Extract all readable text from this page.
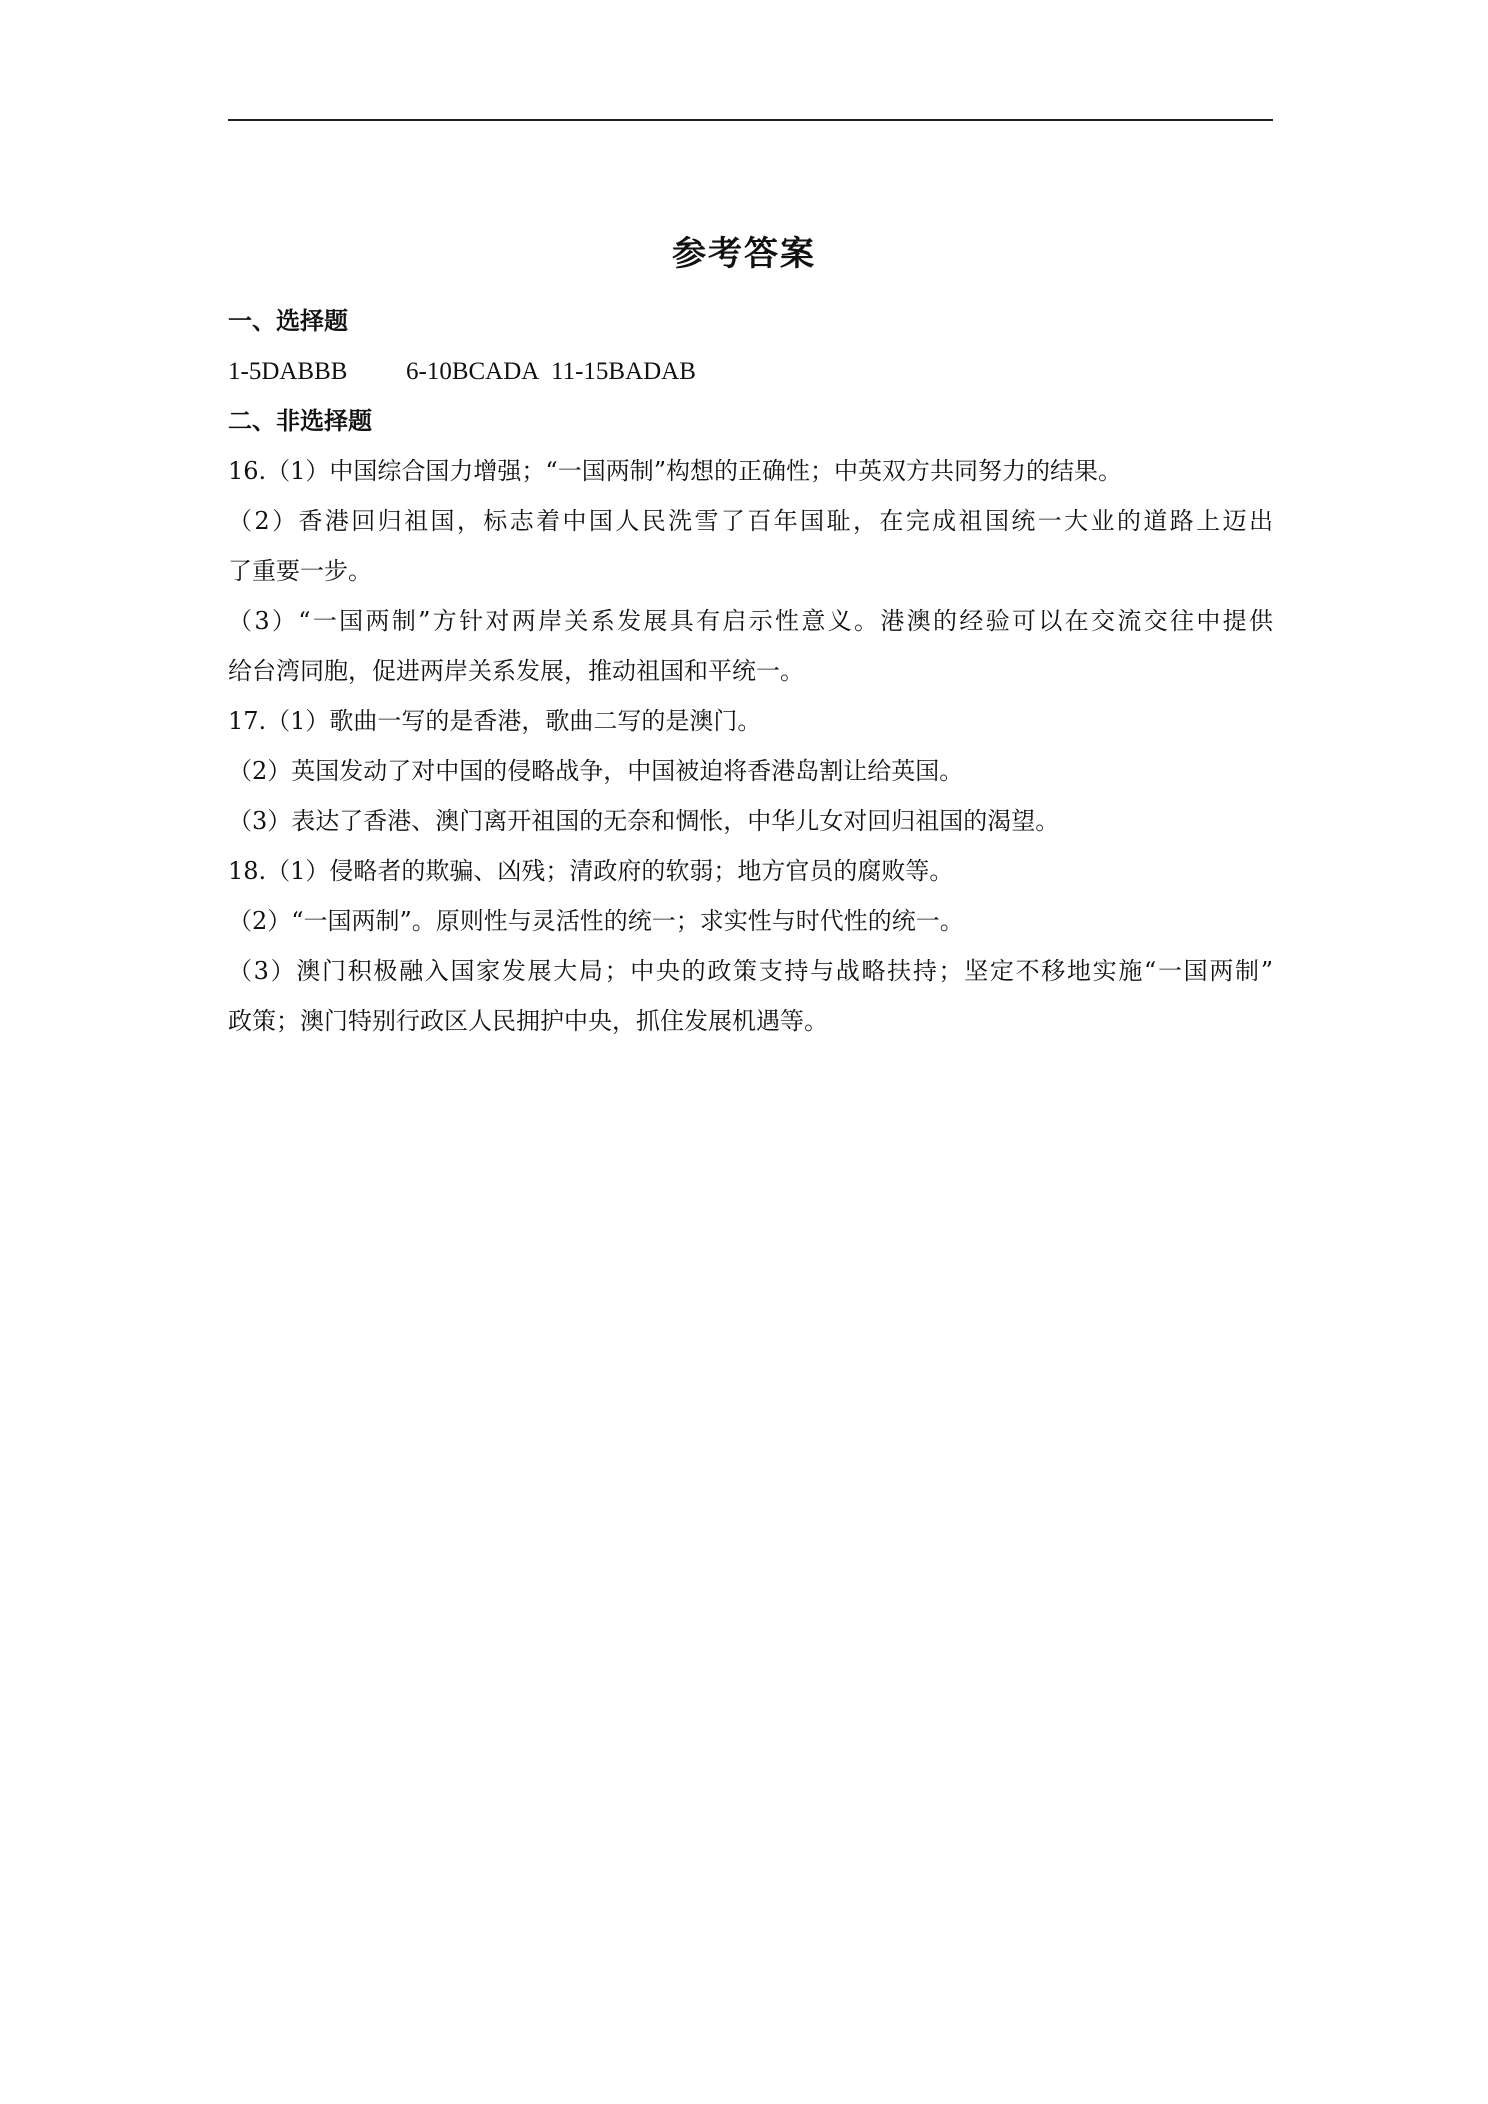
参考答案
一、选择题
1-5DABBB 6-10BCADA 11-15BADAB
二、非选择题
16.（1）中国综合国力增强；“一国两制”构想的正确性；中英双方共同努力的结果。
（2）香港回归祖国，标志着中国人民洗雪了百年国耻，在完成祖国统一大业的道路上迈出
了重要一步。
（3）“一国两制”方针对两岸关系发展具有启示性意义。港澳的经验可以在交流交往中提供
给台湾同胞，促进两岸关系发展，推动祖国和平统一。
17.（1）歌曲一写的是香港，歌曲二写的是澳门。
（2）英国发动了对中国的侵略战争，中国被迫将香港岛割让给英国。
（3）表达了香港、澳门离开祖国的无奈和惆怅，中华儿女对回归祖国的渴望。
18.（1）侵略者的欺骗、凶残；清政府的软弱；地方官员的腐败等。
（2）“一国两制”。原则性与灵活性的统一；求实性与时代性的统一。
（3）澳门积极融入国家发展大局；中央的政策支持与战略扶持；坚定不移地实施“一国两制”
政策；澳门特别行政区人民拥护中央，抓住发展机遇等。
